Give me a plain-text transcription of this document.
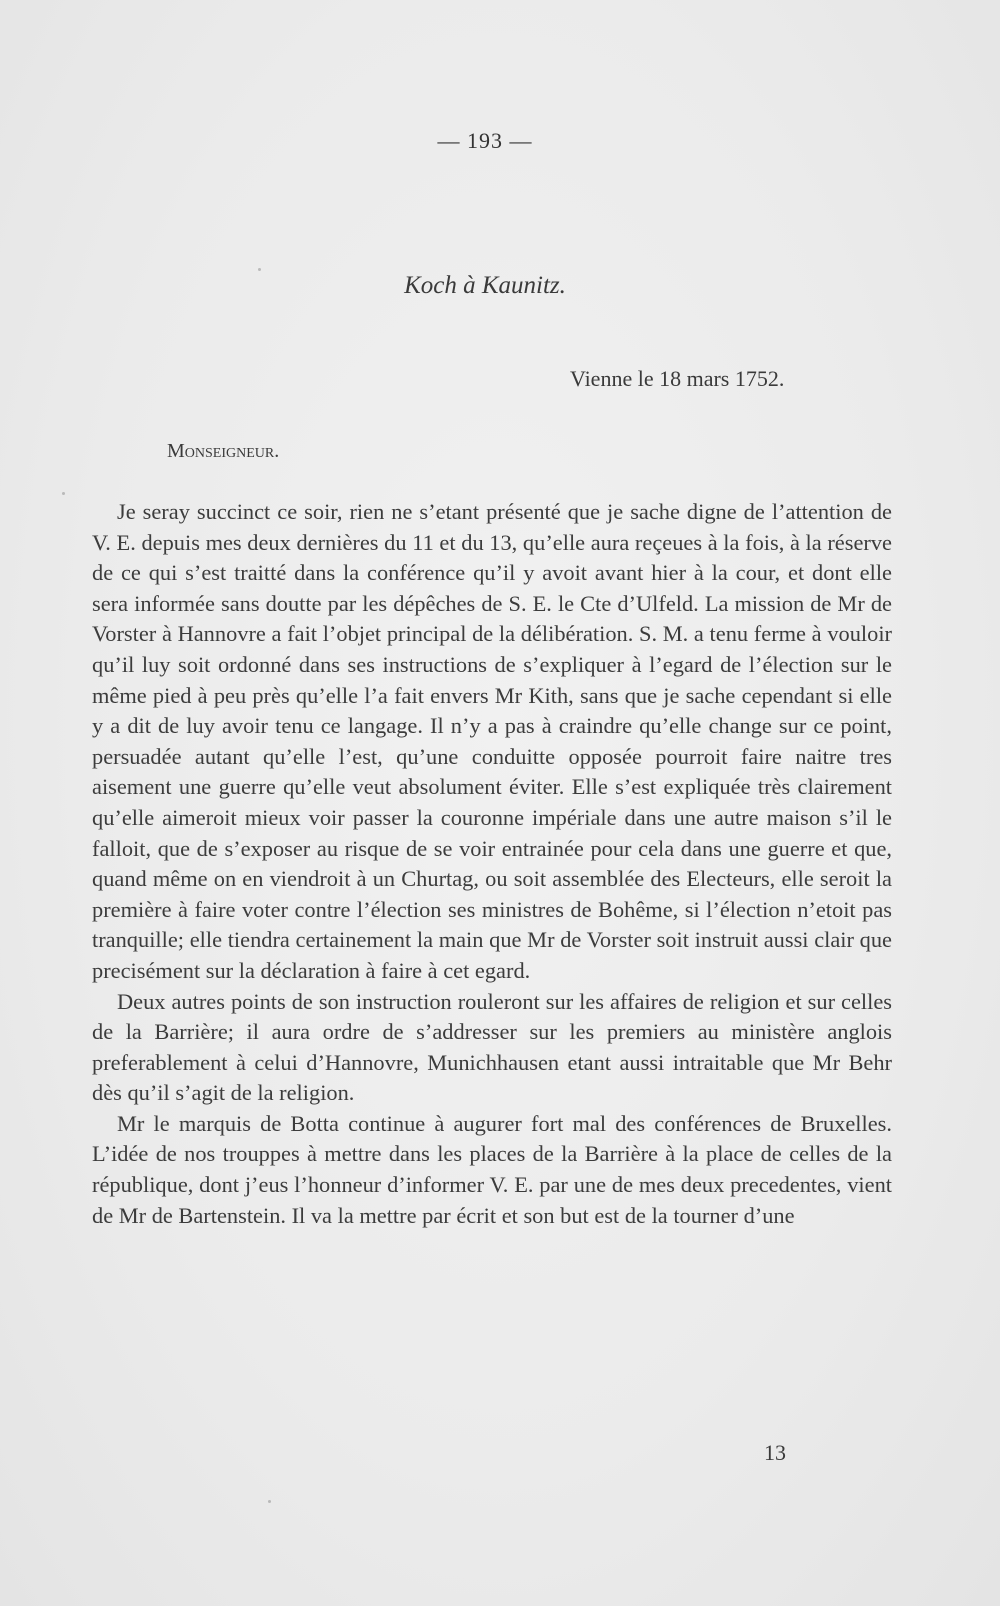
— 193 —
Koch à Kaunitz.
Vienne le 18 mars 1752.
Monseigneur.

Je seray succinct ce soir, rien ne s’etant présenté que je sache digne de l’attention de V. E. depuis mes deux dernières du 11 et du 13, qu’elle aura reçeues à la fois, à la réserve de ce qui s’est traitté dans la conférence qu’il y avoit avant hier à la cour, et dont elle sera informée sans doutte par les dépêches de S. E. le Cte d’Ulfeld. La mission de Mr de Vorster à Hannovre a fait l’objet principal de la délibération. S. M. a tenu ferme à vouloir qu’il luy soit ordonné dans ses instructions de s’expliquer à l’egard de l’élection sur le même pied à peu près qu’elle l’a fait envers Mr Kith, sans que je sache cependant si elle y a dit de luy avoir tenu ce langage. Il n’y a pas à craindre qu’elle change sur ce point, persuadée autant qu’elle l’est, qu’une conduitte opposée pourroit faire naitre tres aisement une guerre qu’elle veut absolument éviter. Elle s’est expliquée très clairement qu’elle aimeroit mieux voir passer la couronne impériale dans une autre maison s’il le falloit, que de s’exposer au risque de se voir entrainée pour cela dans une guerre et que, quand même on en viendroit à un Churtag, ou soit assemblée des Electeurs, elle seroit la première à faire voter contre l’élection ses ministres de Bohême, si l’élection n’etoit pas tranquille; elle tiendra certainement la main que Mr de Vorster soit instruit aussi clair que precisément sur la déclaration à faire à cet egard.

Deux autres points de son instruction rouleront sur les affaires de religion et sur celles de la Barrière; il aura ordre de s’addresser sur les premiers au ministère anglois preferablement à celui d’Hannovre, Munichhausen etant aussi intraitable que Mr Behr dès qu’il s’agit de la religion.

Mr le marquis de Botta continue à augurer fort mal des conférences de Bruxelles. L’idée de nos trouppes à mettre dans les places de la Barrière à la place de celles de la république, dont j’eus l’honneur d’informer V. E. par une de mes deux precedentes, vient de Mr de Bartenstein. Il va la mettre par écrit et son but est de la tourner d’une

13
